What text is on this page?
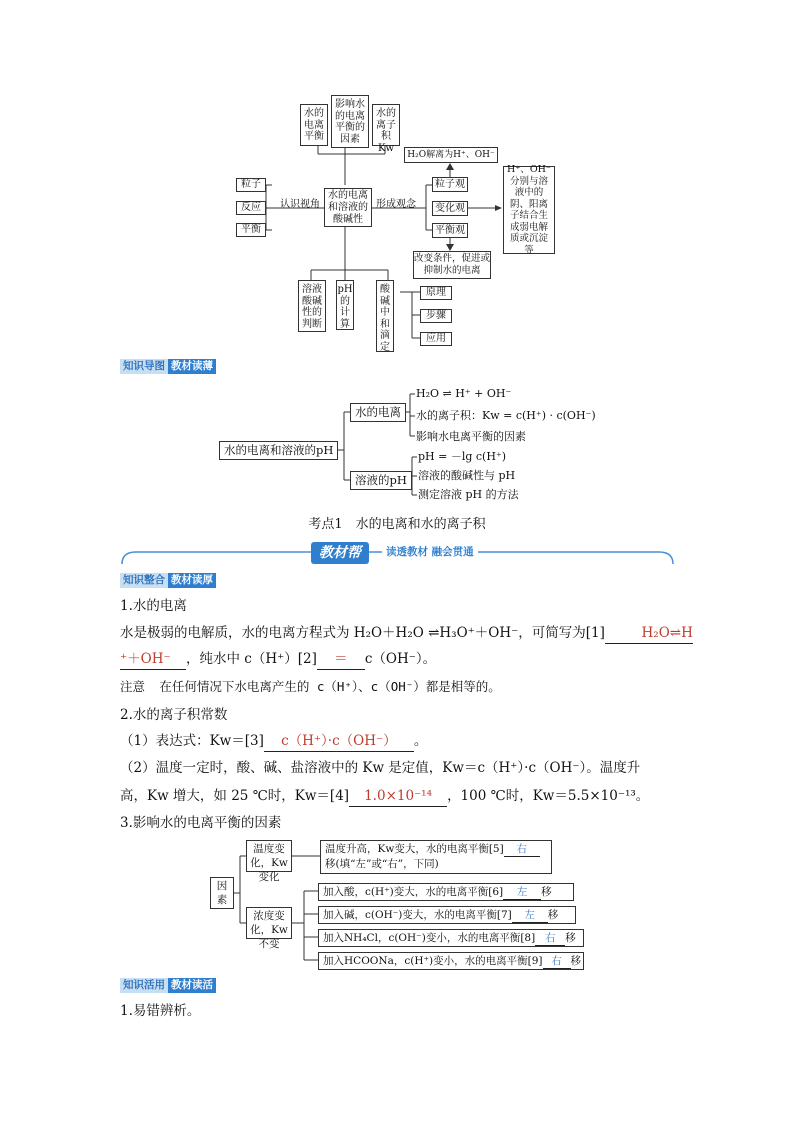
水的电离平衡
影响水的电离平衡的因素
水的离子积Kw
粒子
反应
平衡
认识视角
水的电离和溶液的酸碱性
形成观念
H₂O解离为H⁺、OH⁻
粒子观
变化观
平衡观
H⁺、OH⁻分别与溶液中的阴、阳离子结合生成弱电解质或沉淀等
改变条件，促进或抑制水的电离
溶液酸碱性的判断
pH的计算
酸碱中和滴定
原理
步骤
应用
知识导图 教材读薄
水的电离和溶液的pH
水的电离
溶液的pH
H₂O ⇌ H⁺ + OH⁻
水的离子积：Kw = c(H⁺) · c(OH⁻)
影响水电离平衡的因素
pH = －lg c(H⁺)
溶液的酸碱性与 pH
测定溶液 pH 的方法
考点1　水的电离和水的离子积
教材帮	读透教材 融会贯通
知识整合 教材读厚
1.水的电离
水是极弱的电解质，水的电离方程式为 H₂O＋H₂O ⇌H₃O⁺＋OH⁻，可简写为[1]	H₂O⇌H
⁺＋OH⁻ ，纯水中 c（H⁺）[2] ＝ c（OH⁻）。
注意 在任何情况下水电离产生的 c（H⁺）、c（OH⁻）都是相等的。
2.水的离子积常数
（1）表达式：Kw＝[3] c（H⁺）·c（OH⁻） 。
（2）温度一定时，酸、碱、盐溶液中的 Kw 是定值，Kw＝c（H⁺）·c（OH⁻）。温度升
高，Kw 增大，如 25 ℃时，Kw＝[4] 1.0×10⁻¹⁴ ，100 ℃时，Kw＝5.5×10⁻¹³。
3.影响水的电离平衡的因素
因素
温度变化，Kw变化
浓度变化，Kw不变
温度升高，Kw变大，水的电离平衡[5] 右
移(填“左”或“右”，下同)
加入酸，c(H⁺)变大，水的电离平衡[6] 左 移
加入碱，c(OH⁻)变大，水的电离平衡[7] 左 移
加入NH₄Cl，c(OH⁻)变小，水的电离平衡[8] 右 移
加入HCOONa，c(H⁺)变小，水的电离平衡[9] 右 移
知识活用 教材读活
1.易错辨析。
